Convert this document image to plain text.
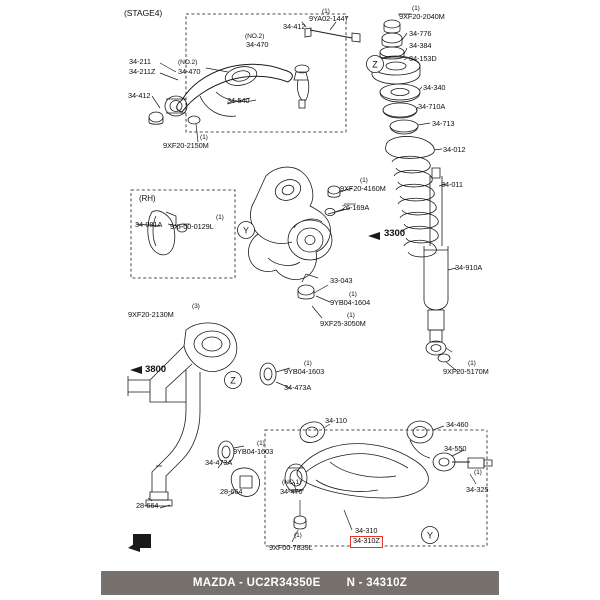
Z
Y
Z
Y
(STAGE4)	(1)
9YA02-1447
(1)
9XF20-2040M
34-412
34-776
(NO.2)
34-470	34-384
34-153D
34-211
34-211Z
(NO.2)
34-470
34-340
34-412
34-540
34-710A
34-713
(1)
9XF20-2150M	34-012
34-011
(1)
9XF20-4160M
(RH)
26-169A
34-081A
(1)
9XF00-0129L
3300
34-910A
33-043
(3)
9XF20-2130M
(1)
9YB04-1604
(1)
9XF25-3050M
(1)
9YB04-1603
3800
34-473A
(1)
9XF20-5170M
34-460
34-110
34-550
(1)
9YB04-1603
34-473A
(1)
34-325
28-664
28-664
(NO.1)
34-470
34-310
(1)
9XF00-7839L
34-310Z
MAZDA - UC2R34350E N - 34310Z
